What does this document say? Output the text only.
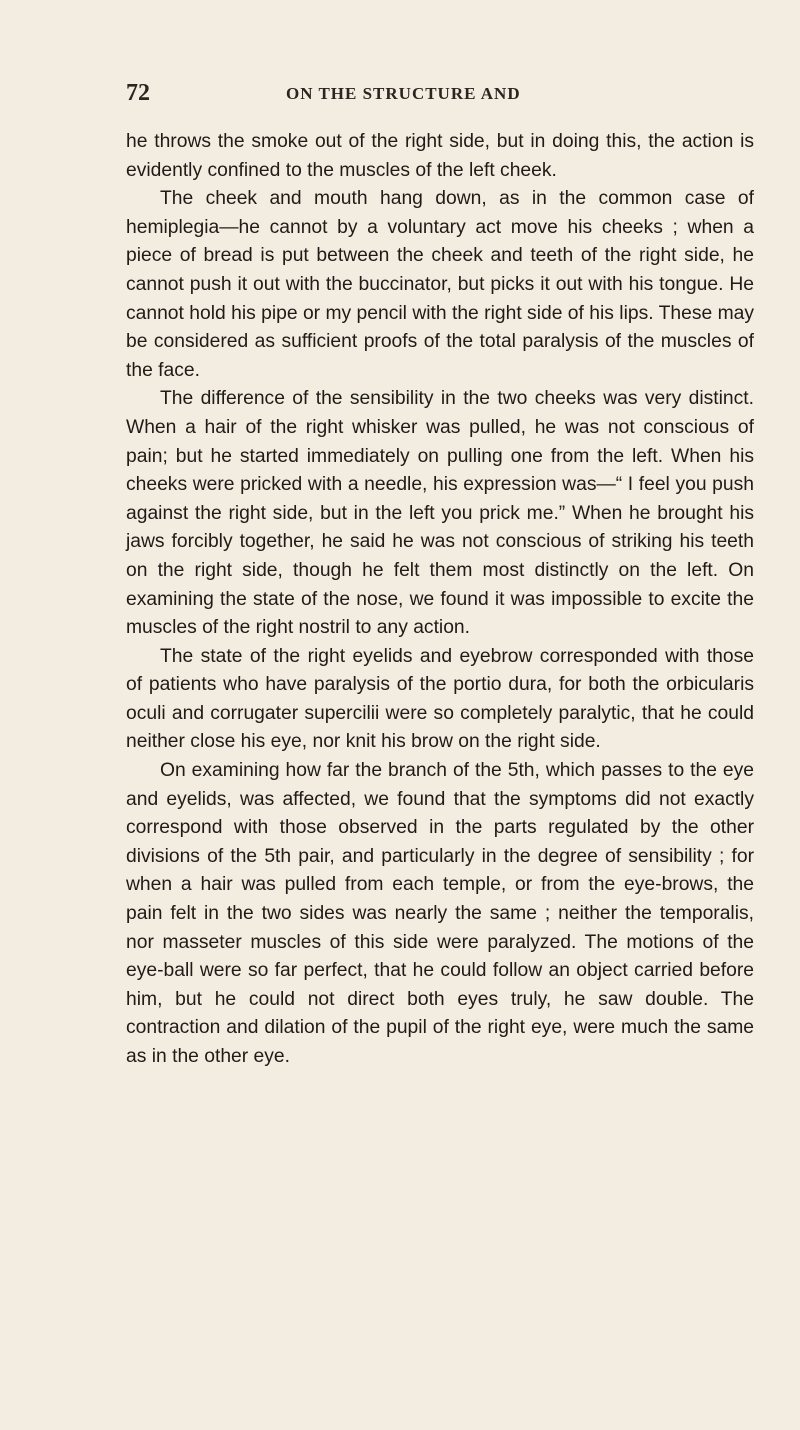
72	ON THE STRUCTURE AND

he throws the smoke out of the right side, but in doing this, the action is evidently confined to the muscles of the left cheek.

The cheek and mouth hang down, as in the common case of hemiplegia—he cannot by a voluntary act move his cheeks ; when a piece of bread is put between the cheek and teeth of the right side, he cannot push it out with the buccinator, but picks it out with his tongue. He cannot hold his pipe or my pencil with the right side of his lips. These may be considered as sufficient proofs of the total paralysis of the muscles of the face.

The difference of the sensibility in the two cheeks was very distinct. When a hair of the right whisker was pulled, he was not conscious of pain; but he started immediately on pulling one from the left. When his cheeks were pricked with a needle, his expression was—“ I feel you push against the right side, but in the left you prick me.” When he brought his jaws forcibly together, he said he was not conscious of striking his teeth on the right side, though he felt them most distinctly on the left. On examining the state of the nose, we found it was impossible to excite the muscles of the right nostril to any action.

The state of the right eyelids and eyebrow corresponded with those of patients who have paralysis of the portio dura, for both the orbicularis oculi and corrugater supercilii were so completely paralytic, that he could neither close his eye, nor knit his brow on the right side.

On examining how far the branch of the 5th, which passes to the eye and eyelids, was affected, we found that the symptoms did not exactly correspond with those observed in the parts regulated by the other divisions of the 5th pair, and particularly in the degree of sensibility ; for when a hair was pulled from each temple, or from the eye-brows, the pain felt in the two sides was nearly the same ; neither the temporalis, nor masseter muscles of this side were paralyzed. The motions of the eye-ball were so far perfect, that he could follow an object carried before him, but he could not direct both eyes truly, he saw double. The contraction and dilation of the pupil of the right eye, were much the same as in the other eye.
